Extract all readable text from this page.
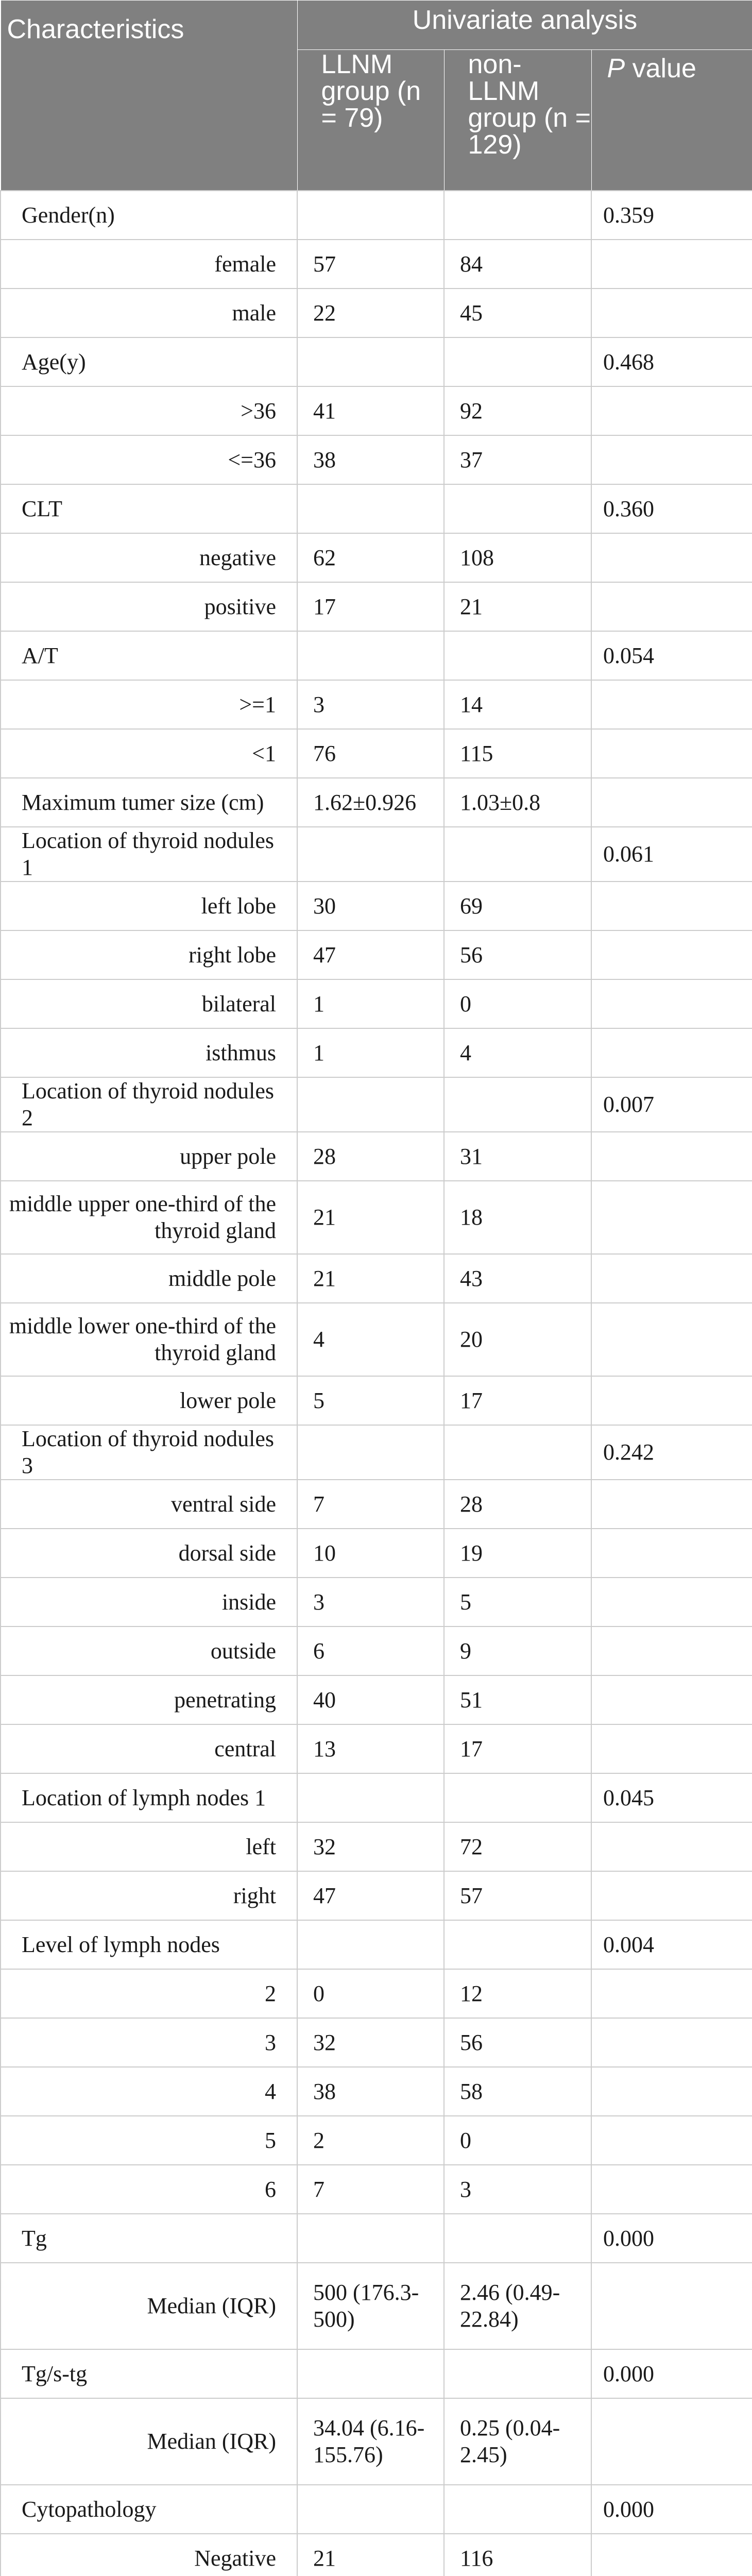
Characteristics	Univariate analysis		
	LLNM group (n = 79)	non-LLNM group (n = 129)	P value
Gender(n)			0.359
female	57	84	
male	22	45	
Age(y)			0.468
>36	41	92	
<=36	38	37	
CLT			0.360
negative	62	108	
positive	17	21	
A/T			0.054
>=1	3	14	
<1	76	115	
Maximum tumer size (cm)	1.62±0.926	1.03±0.8	
Location of thyroid nodules 1			0.061
left lobe	30	69	
right lobe	47	56	
bilateral	1	0	
isthmus	1	4	
Location of thyroid nodules 2			0.007
upper pole	28	31	
middle upper one-third of the thyroid gland	21	18	
middle pole	21	43	
middle lower one-third of the thyroid gland	4	20	
lower pole	5	17	
Location of thyroid nodules 3			0.242
ventral side	7	28	
dorsal side	10	19	
inside	3	5	
outside	6	9	
penetrating	40	51	
central	13	17	
Location of lymph nodes 1			0.045
left	32	72	
right	47	57	
Level of lymph nodes			0.004
2	0	12	
3	32	56	
4	38	58	
5	2	0	
6	7	3	
Tg			0.000
Median (IQR)	500 (176.3-500)	2.46 (0.49-22.84)	
Tg/s-tg			0.000
Median (IQR)	34.04 (6.16-155.76)	0.25 (0.04-2.45)	
Cytopathology			0.000
Negative	21	116	
